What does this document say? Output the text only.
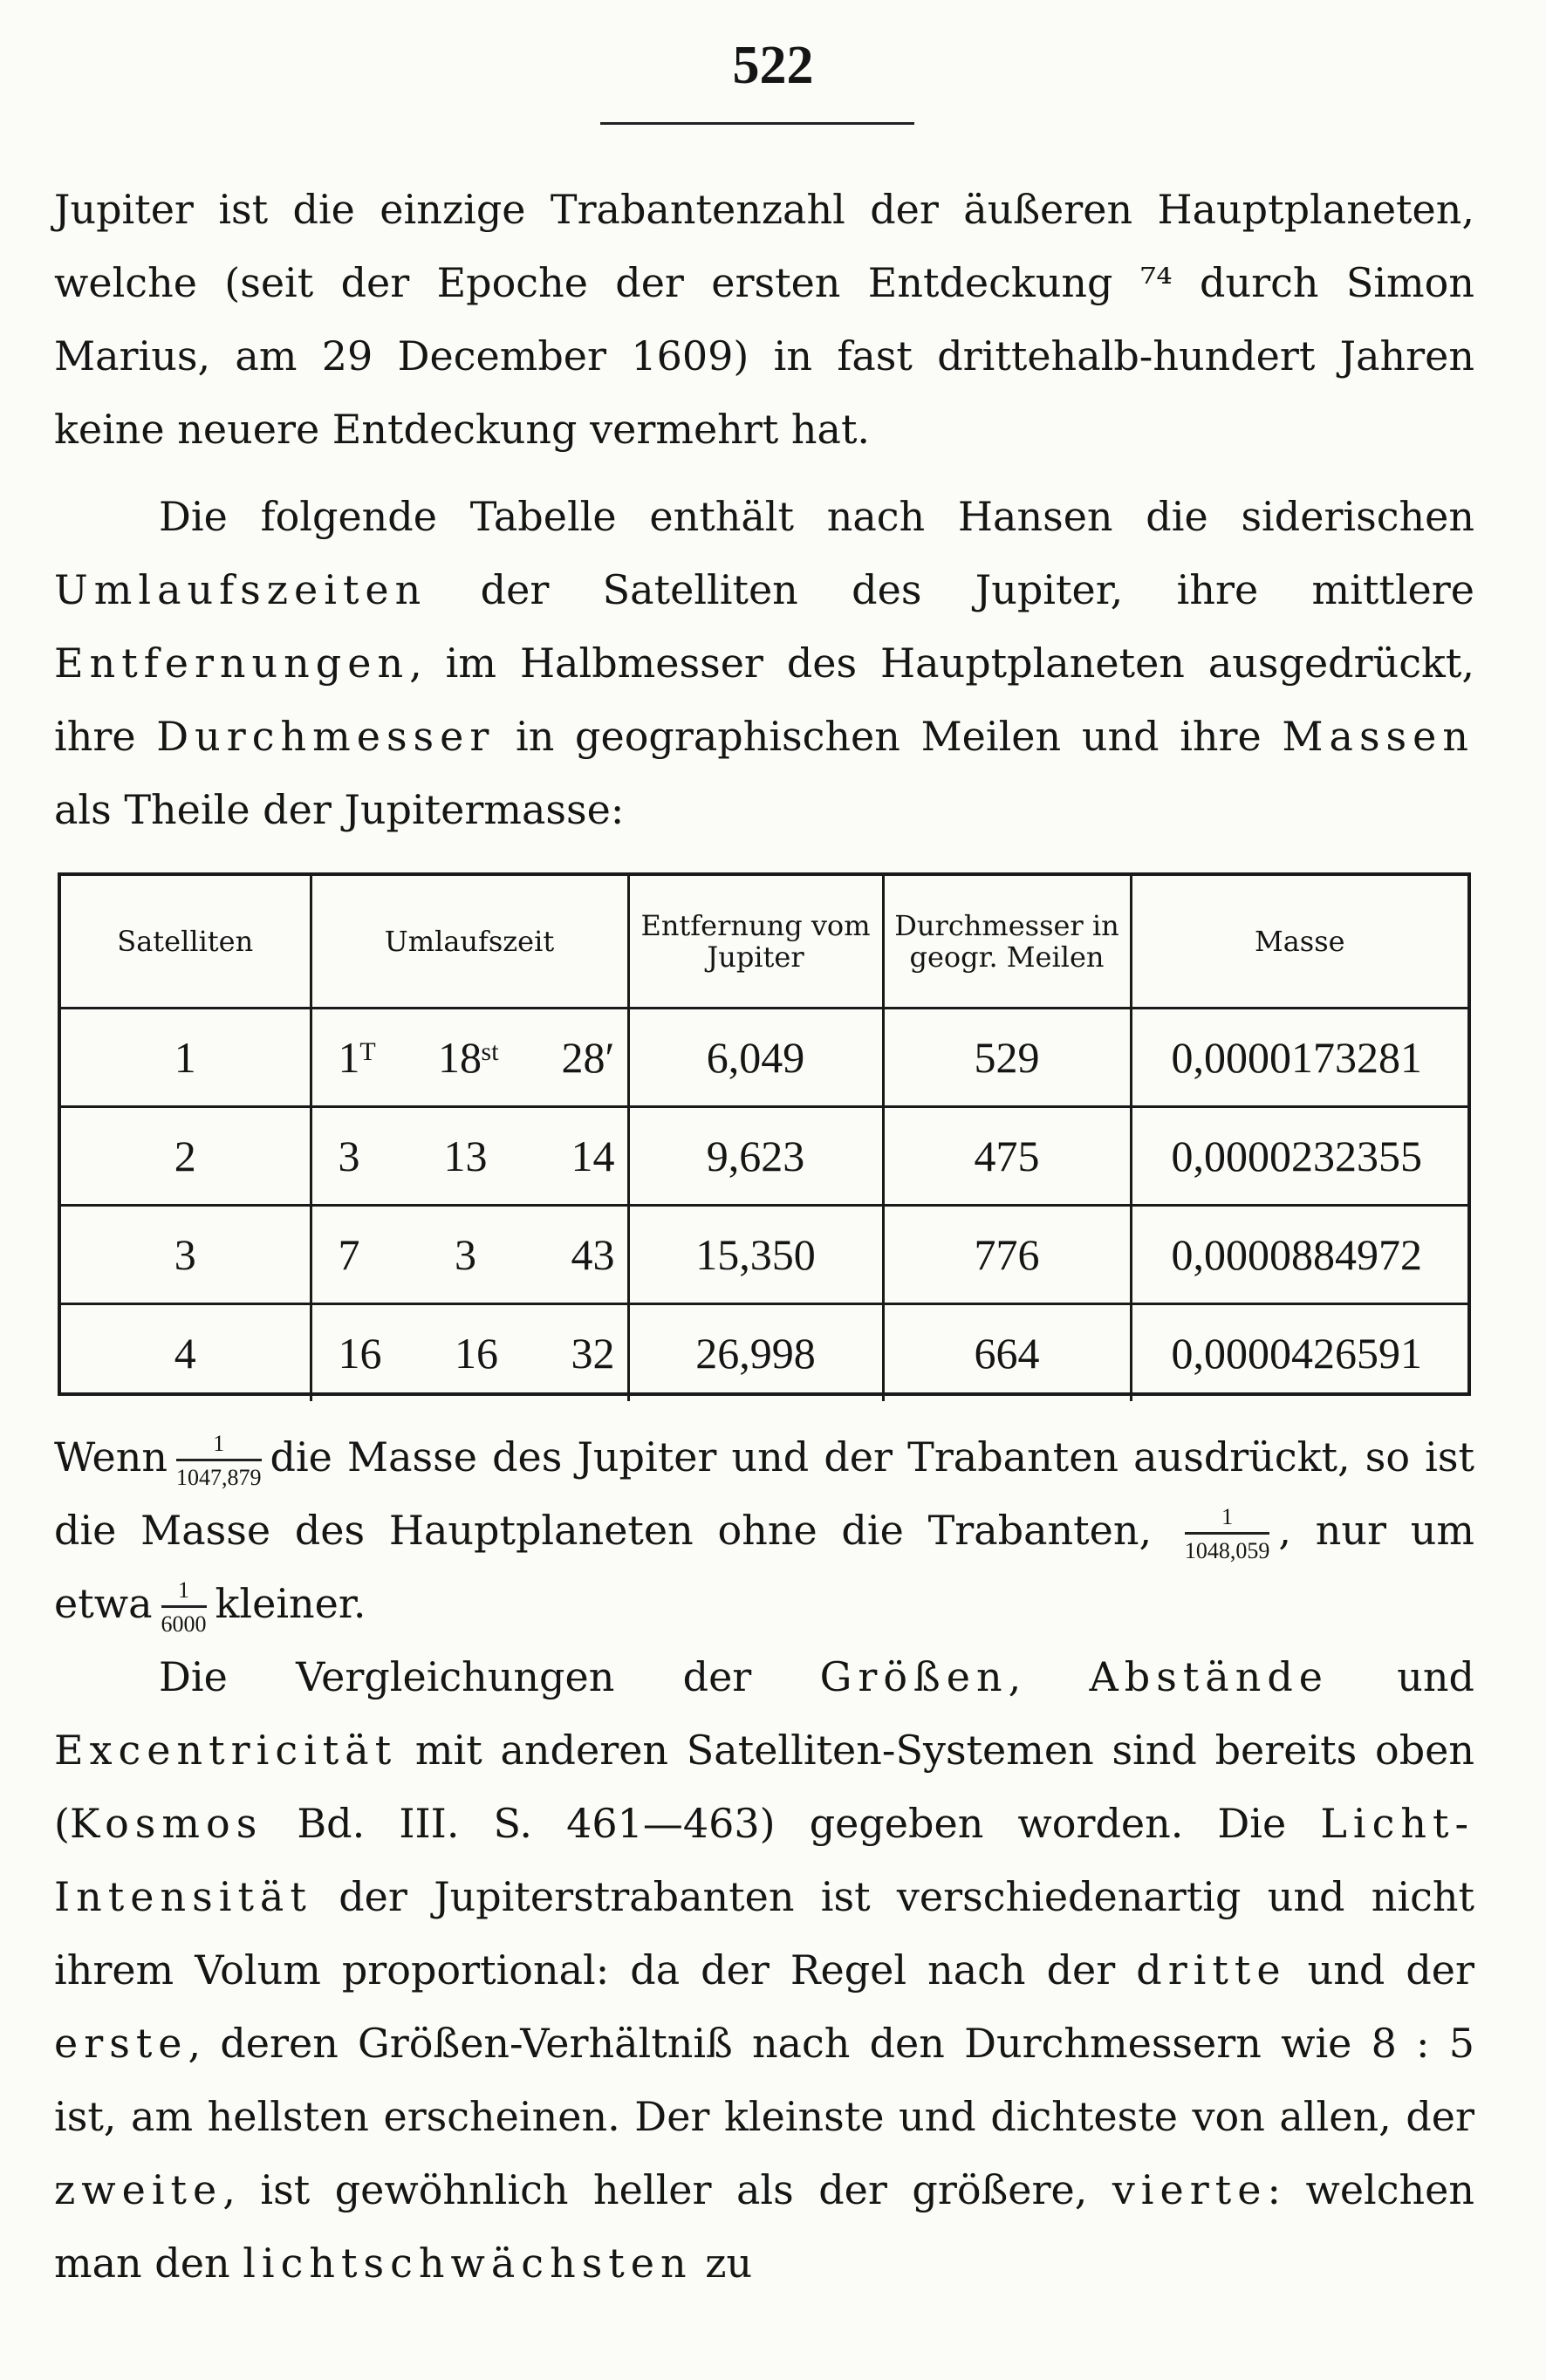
522
Jupiter ist die einzige Trabantenzahl der äußeren Hauptplaneten, welche (seit der Epoche der ersten Entdeckung ⁷⁴ durch Simon Marius, am 29 December 1609) in fast drittehalb-hundert Jahren keine neuere Entdeckung vermehrt hat.
Die folgende Tabelle enthält nach Hansen die siderischen Umlaufszeiten der Satelliten des Jupiter, ihre mittlere Entfernungen, im Halbmesser des Hauptplaneten ausgedrückt, ihre Durchmesser in geographischen Meilen und ihre Massen als Theile der Jupitermasse:
Satelliten	Umlaufszeit	Entfernung vom Jupiter	Durchmesser in geogr. Meilen	Masse
1	1ᵀ 18ˢᵗ 28′	6,049	529	0,0000173281
2	3 13 14	9,623	475	0,0000232355
3	7 3 43	15,350	776	0,0000884972
4	16 16 32	26,998	664	0,0000426591
Wenn $\frac{1}{1047,879}$ die Masse des Jupiter und der Trabanten ausdrückt, so ist die Masse des Hauptplaneten ohne die Trabanten, $\frac{1}{1048,059}$ , nur um etwa $\frac{1}{6000}$ kleiner.
Die Vergleichungen der Größen, Abstände und Excentricität mit anderen Satelliten-Systemen sind bereits oben (Kosmos Bd. III. S. 461—463) gegeben worden. Die Licht-Intensität der Jupiterstrabanten ist verschiedenartig und nicht ihrem Volum proportional: da der Regel nach der dritte und der erste, deren Größen-Verhältniß nach den Durchmessern wie 8 : 5 ist, am hellsten erscheinen. Der kleinste und dichteste von allen, der zweite, ist gewöhnlich heller als der größere, vierte: welchen man den lichtschwächsten zu
